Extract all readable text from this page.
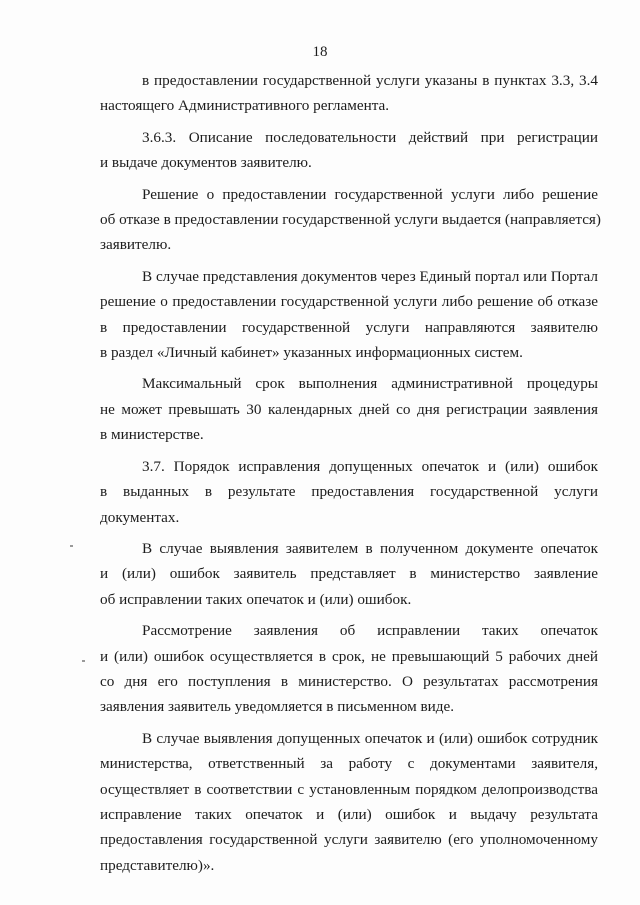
18

в предоставлении государственной услуги указаны в пунктах 3.3, 3.4
настоящего Административного регламента.

3.6.3. Описание последовательности действий при регистрации
и выдаче документов заявителю.

Решение о предоставлении государственной услуги либо решение
об отказе в предоставлении государственной услуги выдается (направляется)
заявителю.

В случае представления документов через Единый портал или Портал
решение о предоставлении государственной услуги либо решение об отказе
в предоставлении государственной услуги направляются заявителю
в раздел «Личный кабинет» указанных информационных систем.

Максимальный срок выполнения административной процедуры
не может превышать 30 календарных дней со дня регистрации заявления
в министерстве.

3.7. Порядок исправления допущенных опечаток и (или) ошибок
в выданных в результате предоставления государственной услуги
документах.

В случае выявления заявителем в полученном документе опечаток
и (или) ошибок заявитель представляет в министерство заявление
об исправлении таких опечаток и (или) ошибок.

Рассмотрение заявления об исправлении таких опечаток
и (или) ошибок осуществляется в срок, не превышающий 5 рабочих дней
со дня его поступления в министерство. О результатах рассмотрения
заявления заявитель уведомляется в письменном виде.

В случае выявления допущенных опечаток и (или) ошибок сотрудник
министерства, ответственный за работу с документами заявителя,
осуществляет в соответствии с установленным порядком делопроизводства
исправление таких опечаток и (или) ошибок и выдачу результата
предоставления государственной услуги заявителю (его уполномоченному
представителю)».
